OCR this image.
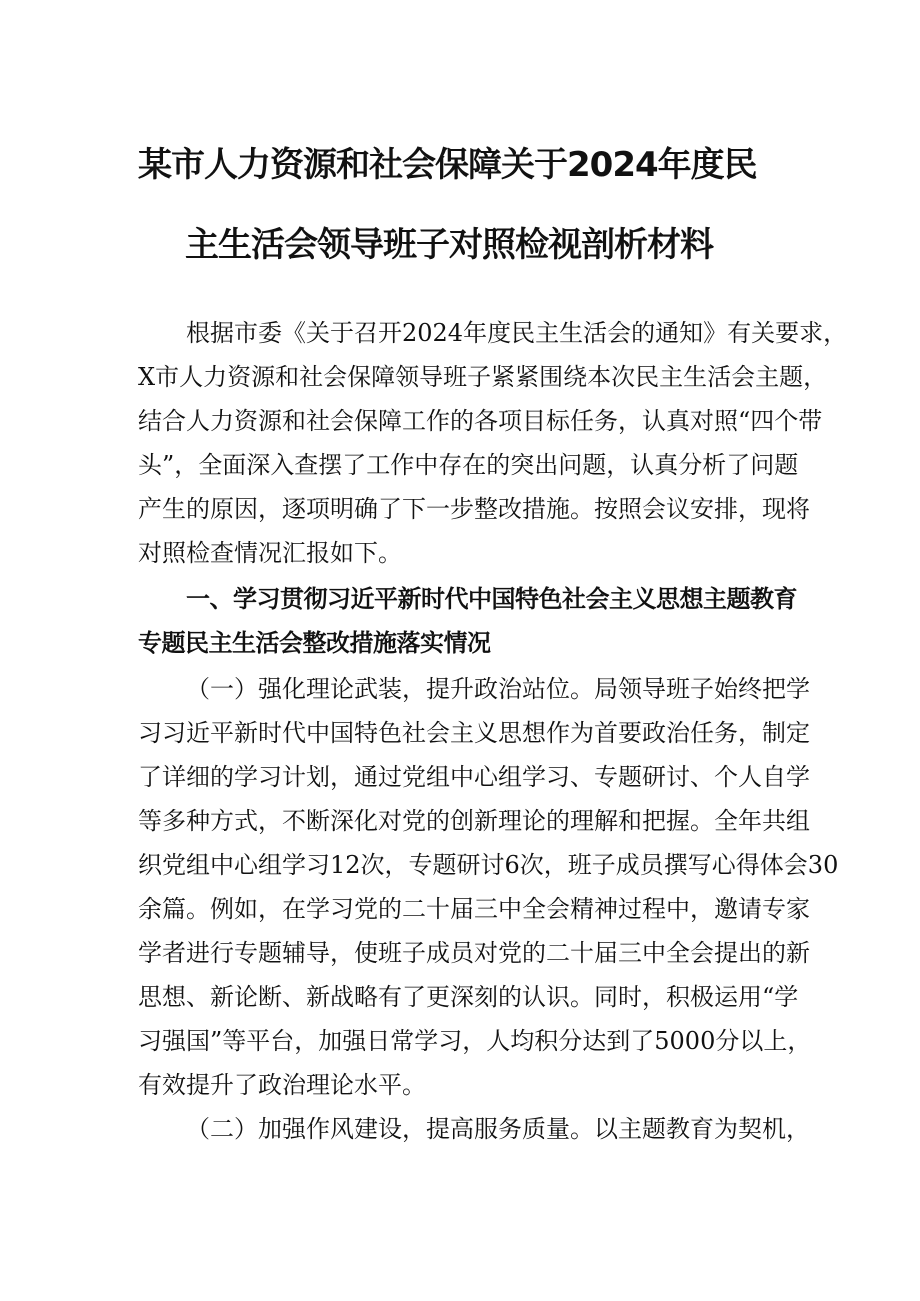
某市人力资源和社会保障关于2024年度民
主生活会领导班子对照检视剖析材料
根据市委《关于召开2024年度民主生活会的通知》有关要求，
X市人力资源和社会保障领导班子紧紧围绕本次民主生活会主题，
结合人力资源和社会保障工作的各项目标任务，认真对照“四个带
头”，全面深入查摆了工作中存在的突出问题，认真分析了问题
产生的原因，逐项明确了下一步整改措施。按照会议安排，现将
对照检查情况汇报如下。
一、学习贯彻习近平新时代中国特色社会主义思想主题教育
专题民主生活会整改措施落实情况
（一）强化理论武装，提升政治站位。局领导班子始终把学
习习近平新时代中国特色社会主义思想作为首要政治任务，制定
了详细的学习计划，通过党组中心组学习、专题研讨、个人自学
等多种方式，不断深化对党的创新理论的理解和把握。全年共组
织党组中心组学习12次，专题研讨6次，班子成员撰写心得体会30
余篇。例如，在学习党的二十届三中全会精神过程中，邀请专家
学者进行专题辅导，使班子成员对党的二十届三中全会提出的新
思想、新论断、新战略有了更深刻的认识。同时，积极运用“学
习强国”等平台，加强日常学习，人均积分达到了5000分以上，
有效提升了政治理论水平。
（二）加强作风建设，提高服务质量。以主题教育为契机，
